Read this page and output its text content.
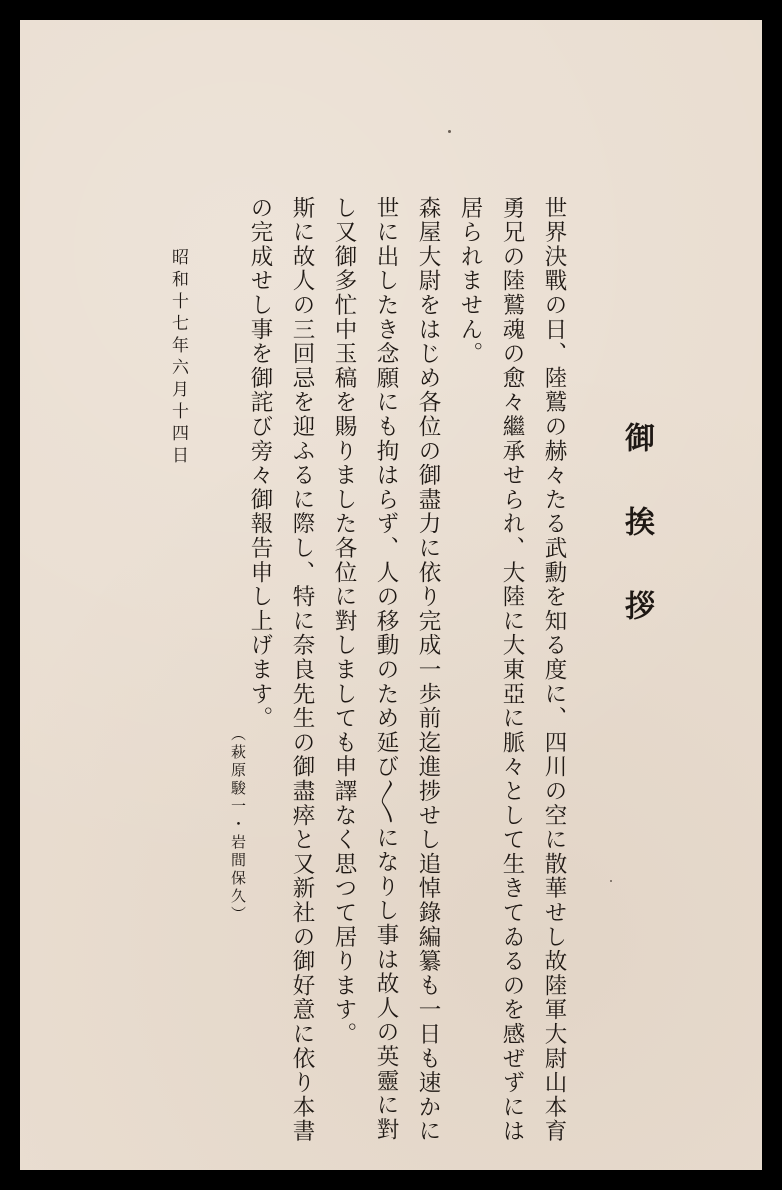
御挨拶
世界決戰の日、陸鷲の赫々たる武勳を知る度に、四川の空に散華せし故陸軍大尉山本育
勇兄の陸鷲魂の愈々繼承せられ、大陸に大東亞に脈々として生きてゐるのを感ぜずには
居られません。
森屋大尉をはじめ各位の御盡力に依り完成一歩前迄進捗せし追悼錄編纂も一日も速かに
世に出したき念願にも拘はらず、人の移動のため延び〳〵になりし事は故人の英靈に對
し又御多忙中玉稿を賜りました各位に對しましても申譯なく思つて居ります。
斯に故人の三回忌を迎ふるに際し、特に奈良先生の御盡瘁と又新社の御好意に依り本書
の完成せし事を御詫び旁々御報告申し上げます。
昭和十七年六月十四日
（萩原駿一・岩間保久）
